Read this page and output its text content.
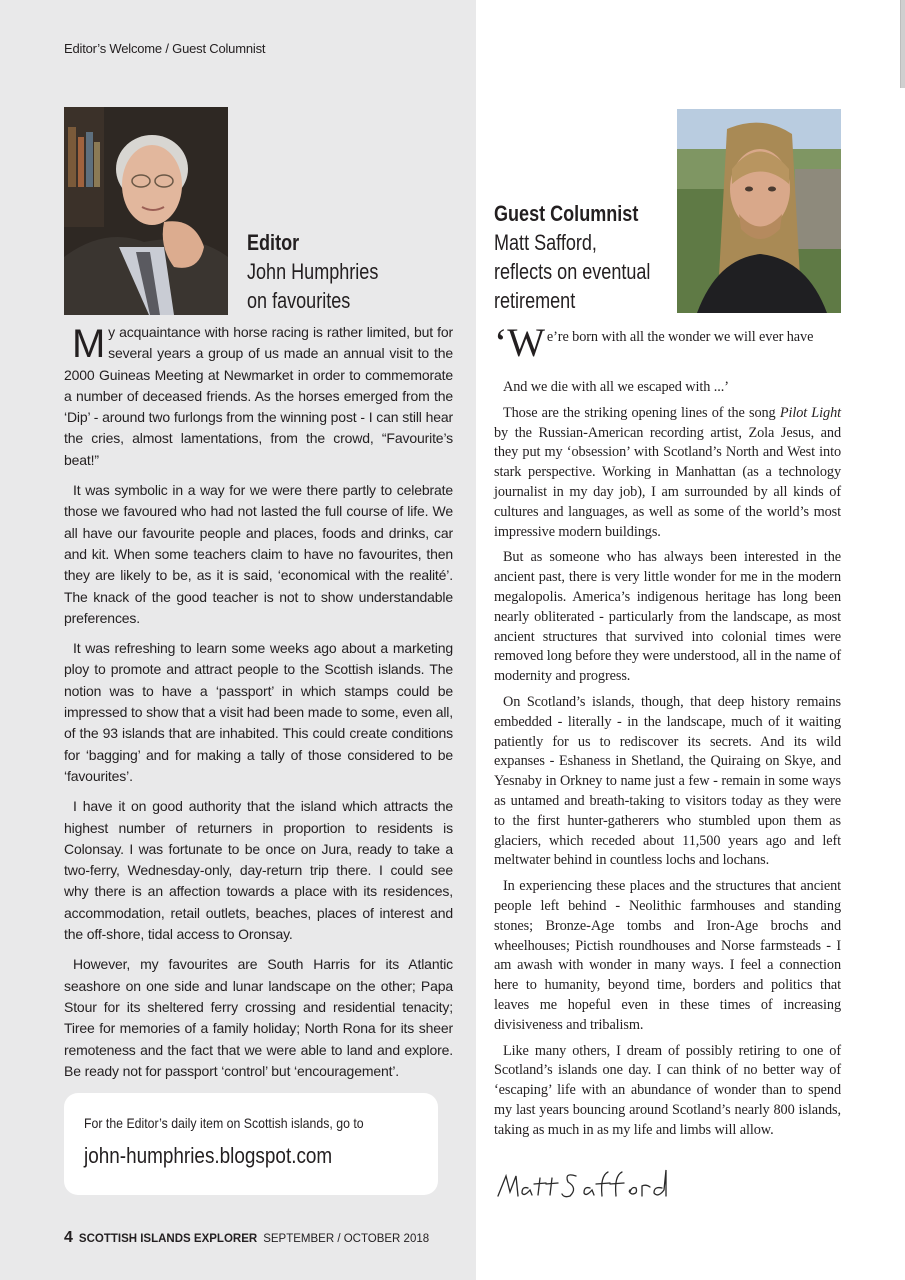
Editor’s Welcome / Guest Columnist
Editor
John Humphries
on favourites
Guest Columnist
Matt Safford,
reflects on eventual
retirement

My acquaintance with horse racing is rather limited, but for several years a group of us made an annual visit to the 2000 Guineas Meeting at Newmarket in order to commemorate a number of deceased friends. As the horses emerged from the ‘Dip’ - around two furlongs from the winning post - I can still hear the cries, almost lamentations, from the crowd, “Favourite’s beat!”

It was symbolic in a way for we were there partly to celebrate those we favoured who had not lasted the full course of life. We all have our favourite people and places, foods and drinks, car and kit. When some teachers claim to have no favourites, then they are likely to be, as it is said, ‘economical with the realité’. The knack of the good teacher is not to show understandable preferences.

It was refreshing to learn some weeks ago about a marketing ploy to promote and attract people to the Scottish islands. The notion was to have a ‘passport’ in which stamps could be impressed to show that a visit had been made to some, even all, of the 93 islands that are inhabited. This could create conditions for ‘bagging’ and for making a tally of those considered to be ‘favourites’.

I have it on good authority that the island which attracts the highest number of returners in proportion to residents is Colonsay. I was fortunate to be once on Jura, ready to take a two-ferry, Wednesday-only, day-return trip there. I could see why there is an affection towards a place with its residences, accommodation, retail outlets, beaches, places of interest and the off-shore, tidal access to Oronsay.

However, my favourites are South Harris for its Atlantic seashore on one side and lunar landscape on the other; Papa Stour for its sheltered ferry crossing and residential tenacity; Tiree for memories of a family holiday; North Rona for its sheer remoteness and the fact that we were able to land and explore. Be ready not for passport ‘control’ but ‘encouragement’.

‘We’re born with all the wonder we will ever have

And we die with all we escaped with ...’

Those are the striking opening lines of the song Pilot Light by the Russian-American recording artist, Zola Jesus, and they put my ‘obsession’ with Scotland’s North and West into stark perspective. Working in Manhattan (as a technology journalist in my day job), I am surrounded by all kinds of cultures and languages, as well as some of the world’s most impressive modern buildings.

But as someone who has always been interested in the ancient past, there is very little wonder for me in the modern megalopolis. America’s indigenous heritage has long been nearly obliterated - particularly from the landscape, as most ancient structures that survived into colonial times were removed long before they were understood, all in the name of modernity and progress.

On Scotland’s islands, though, that deep history remains embedded - literally - in the landscape, much of it waiting patiently for us to rediscover its secrets. And its wild expanses - Eshaness in Shetland, the Quiraing on Skye, and Yesnaby in Orkney to name just a few - remain in some ways as untamed and breath-taking to visitors today as they were to the first hunter-gatherers who stumbled upon them as glaciers, which receded about 11,500 years ago and left meltwater behind in countless lochs and lochans.

In experiencing these places and the structures that ancient people left behind - Neolithic farmhouses and standing stones; Bronze-Age tombs and Iron-Age brochs and wheelhouses; Pictish roundhouses and Norse farmsteads - I am awash with wonder in many ways. I feel a connection here to humanity, beyond time, borders and politics that leaves me hopeful even in these times of increasing divisiveness and tribalism.

Like many others, I dream of possibly retiring to one of Scotland’s islands one day. I can think of no better way of ‘escaping’ life with an abundance of wonder than to spend my last years bouncing around Scotland’s nearly 800 islands, taking as much in as my life and limbs will allow.

For the Editor’s daily item on Scottish islands, go to
john-humphries.blogspot.com
4 SCOTTISH ISLANDS EXPLORER SEPTEMBER / OCTOBER 2018
